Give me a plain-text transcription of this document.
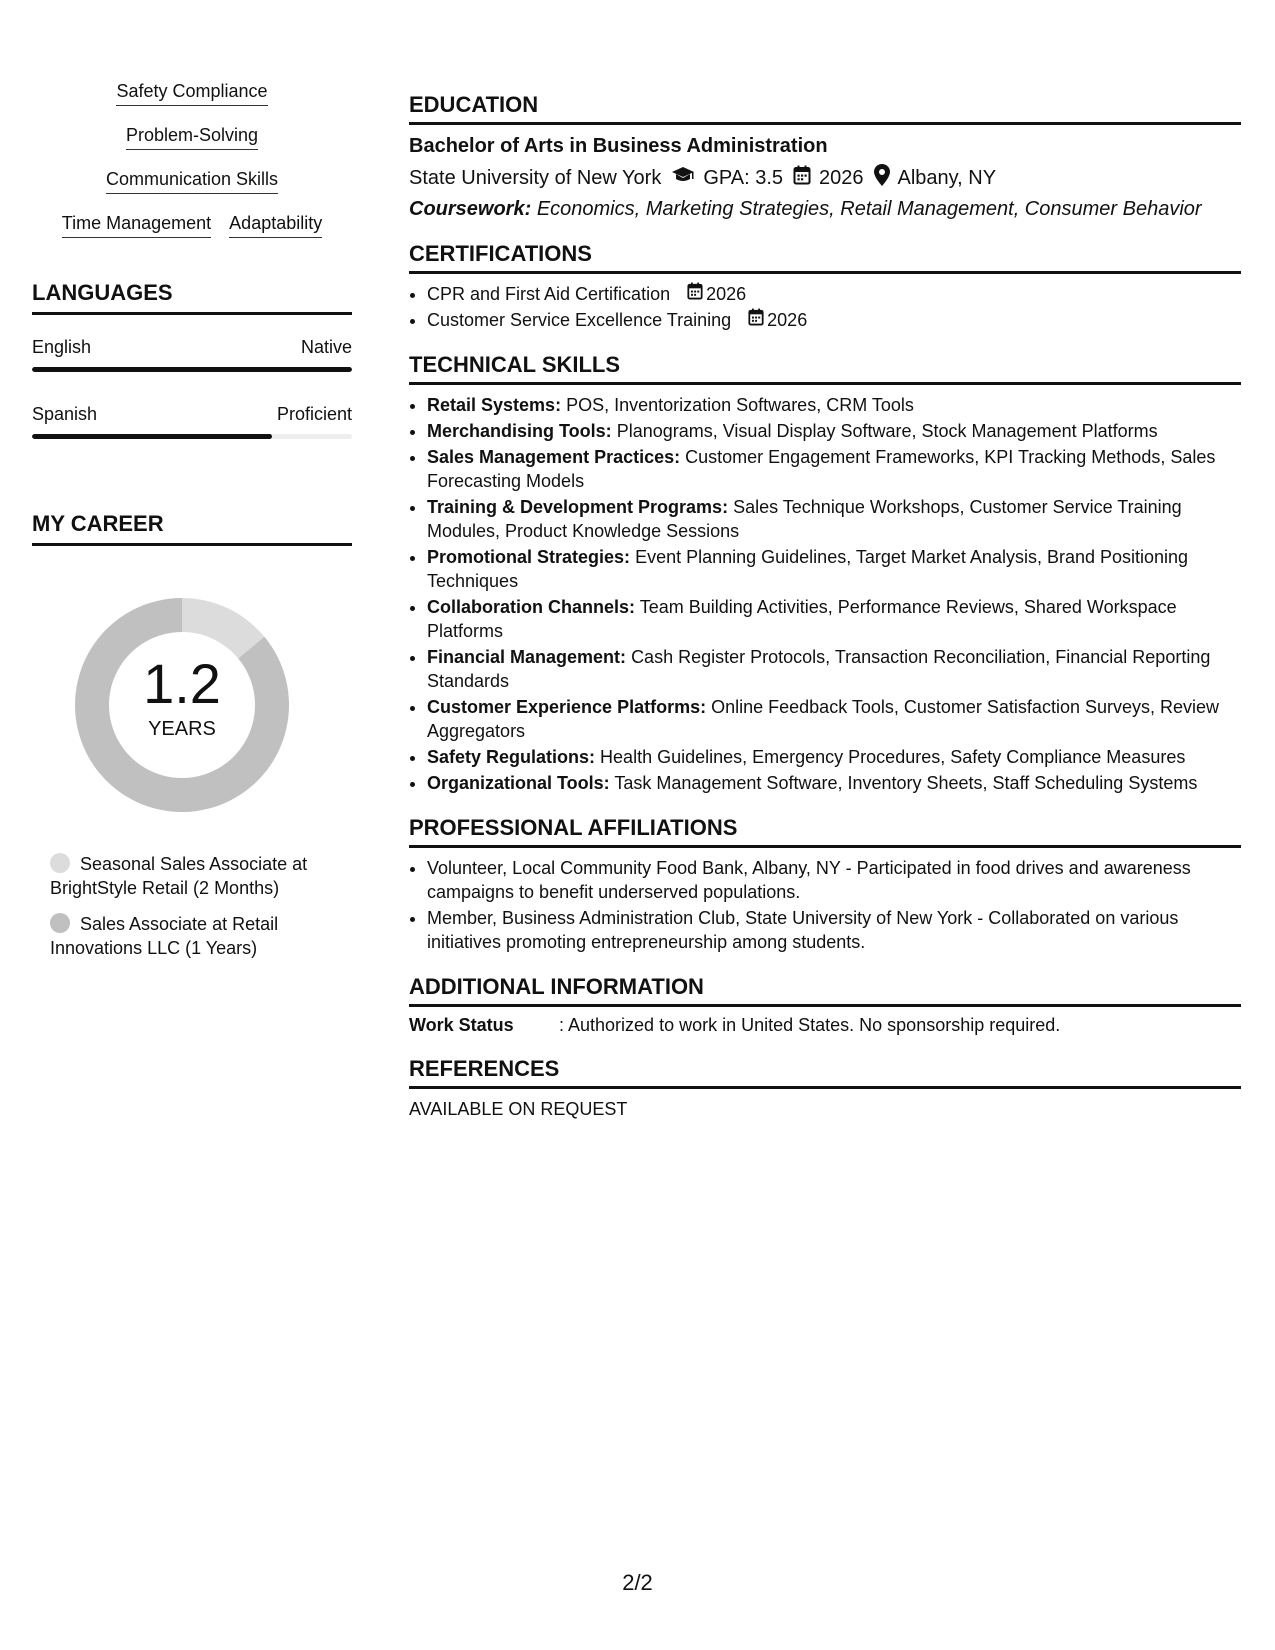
Safety Compliance
Problem-Solving
Communication Skills
Time Management Adaptability
LANGUAGES
English	Native
Spanish	Proficient
MY CAREER
1.2
YEARS
Seasonal Sales Associate at BrightStyle Retail (2 Months)
Sales Associate at Retail Innovations LLC (1 Years)
EDUCATION
Bachelor of Arts in Business Administration
State University of New York GPA: 3.5 2026 Albany, NY
Coursework: Economics, Marketing Strategies, Retail Management, Consumer Behavior
CERTIFICATIONS
• CPR and First Aid Certification 2026
• Customer Service Excellence Training 2026
TECHNICAL SKILLS
• Retail Systems: POS, Inventorization Softwares, CRM Tools
• Merchandising Tools: Planograms, Visual Display Software, Stock Management Platforms
• Sales Management Practices: Customer Engagement Frameworks, KPI Tracking Methods, Sales Forecasting Models
• Training & Development Programs: Sales Technique Workshops, Customer Service Training Modules, Product Knowledge Sessions
• Promotional Strategies: Event Planning Guidelines, Target Market Analysis, Brand Positioning Techniques
• Collaboration Channels: Team Building Activities, Performance Reviews, Shared Workspace Platforms
• Financial Management: Cash Register Protocols, Transaction Reconciliation, Financial Reporting Standards
• Customer Experience Platforms: Online Feedback Tools, Customer Satisfaction Surveys, Review Aggregators
• Safety Regulations: Health Guidelines, Emergency Procedures, Safety Compliance Measures
• Organizational Tools: Task Management Software, Inventory Sheets, Staff Scheduling Systems
PROFESSIONAL AFFILIATIONS
• Volunteer, Local Community Food Bank, Albany, NY - Participated in food drives and awareness campaigns to benefit underserved populations.
• Member, Business Administration Club, State University of New York - Collaborated on various initiatives promoting entrepreneurship among students.
ADDITIONAL INFORMATION
Work Status	: Authorized to work in United States. No sponsorship required.
REFERENCES
AVAILABLE ON REQUEST
2/2
